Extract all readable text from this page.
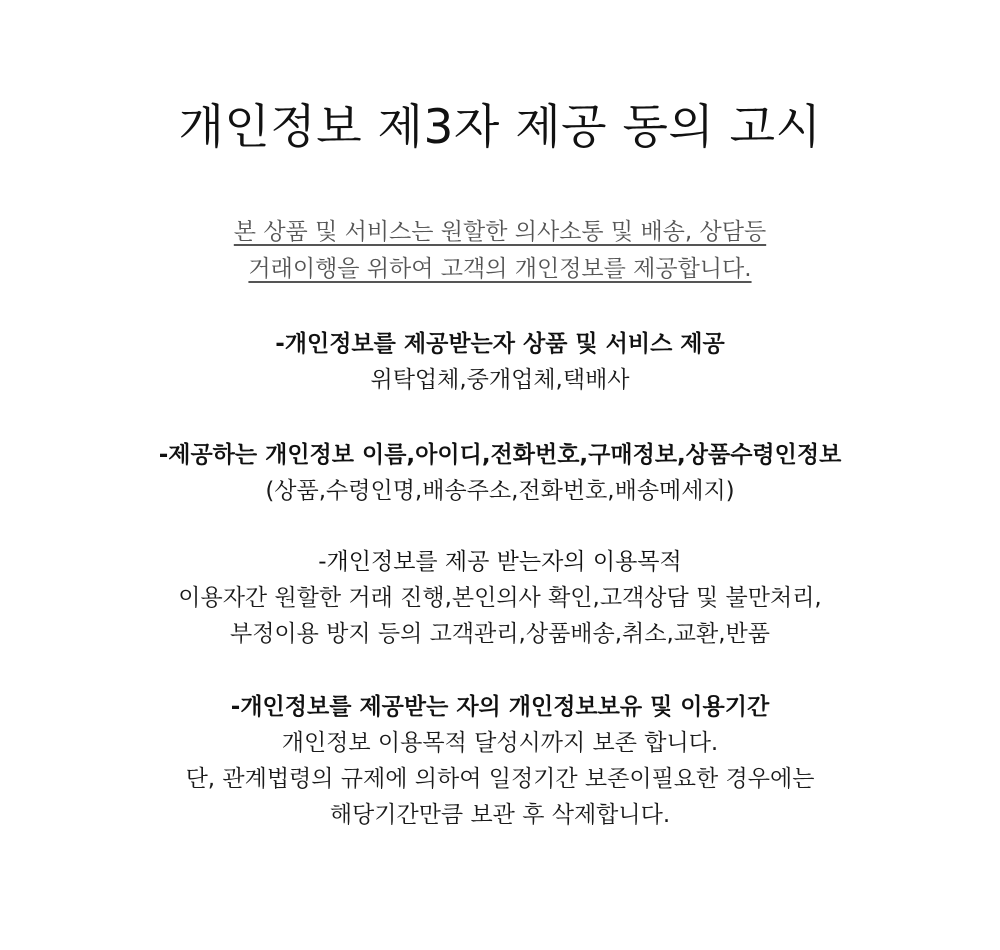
개인정보 제3자 제공 동의 고시
본 상품 및 서비스는 원할한 의사소통 및 배송, 상담등
거래이행을 위하여 고객의 개인정보를 제공합니다.
-개인정보를 제공받는자 상품 및 서비스 제공
위탁업체,중개업체,택배사
-제공하는 개인정보 이름,아이디,전화번호,구매정보,상품수령인정보
(상품,수령인명,배송주소,전화번호,배송메세지)
-개인정보를 제공 받는자의 이용목적
이용자간 원할한 거래 진행,본인의사 확인,고객상담 및 불만처리,
부정이용 방지 등의 고객관리,상품배송,취소,교환,반품
-개인정보를 제공받는 자의 개인정보보유 및 이용기간
개인정보 이용목적 달성시까지 보존 합니다.
단, 관계법령의 규제에 의하여 일정기간 보존이필요한 경우에는
해당기간만큼 보관 후 삭제합니다.
